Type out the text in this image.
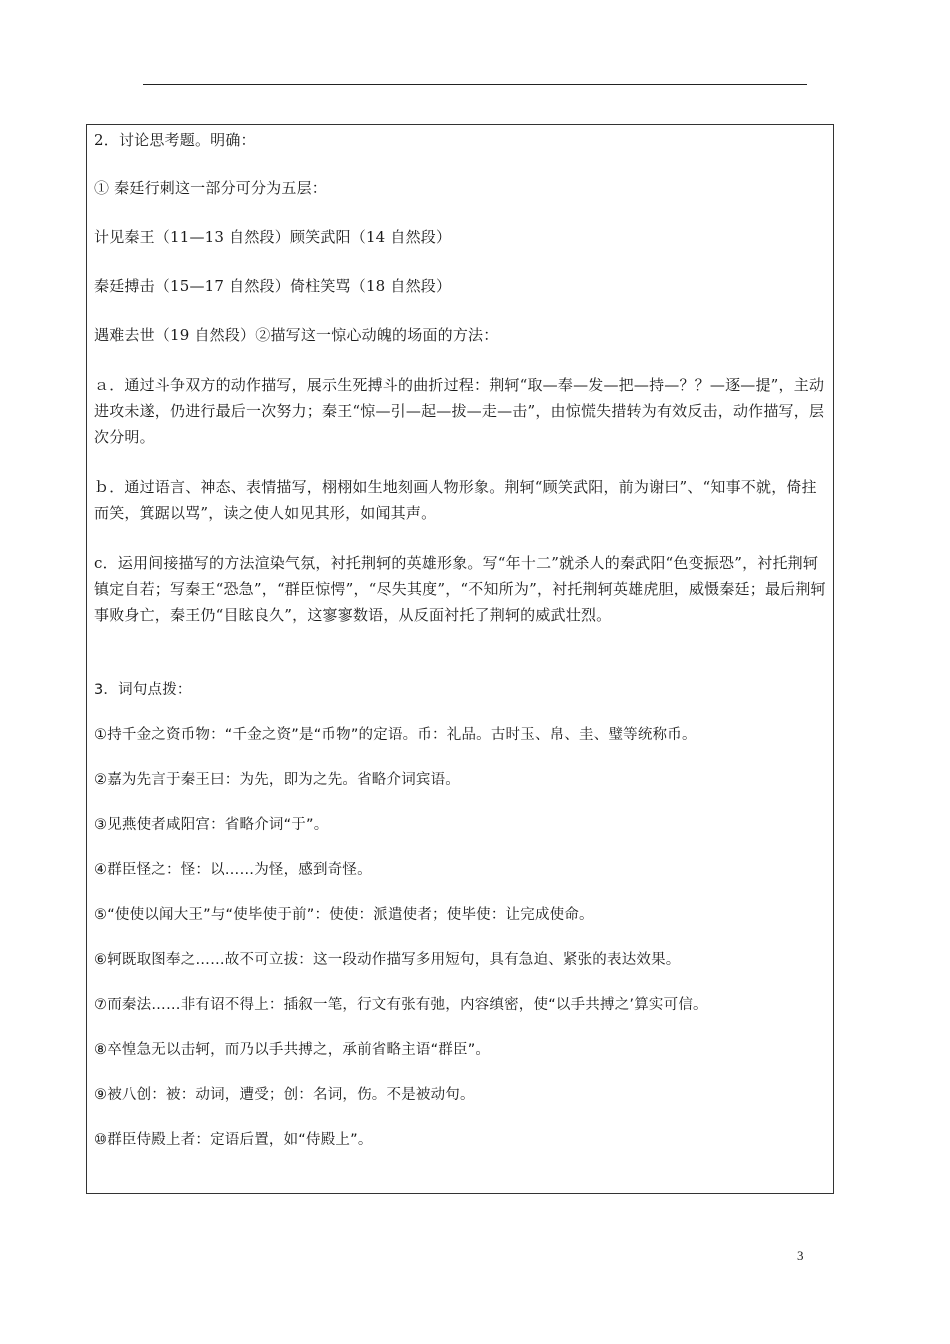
2．讨论思考题。明确：
① 秦廷行刺这一部分可分为五层：
计见秦王（11—13 自然段）顾笑武阳（14 自然段）
秦廷搏击（15—17 自然段）倚柱笑骂（18 自然段）
遇难去世（19 自然段）②描写这一惊心动魄的场面的方法：
ａ．通过斗争双方的动作描写，展示生死搏斗的曲折过程：荆轲“取—奉—发—把—持—？？—逐—提”，主动进攻未遂，仍进行最后一次努力；秦王“惊—引—起—拔—走—击”，由惊慌失措转为有效反击，动作描写，层次分明。
ｂ．通过语言、神态、表情描写，栩栩如生地刻画人物形象。荆轲“顾笑武阳，前为谢曰”、“知事不就，倚拄而笑，箕踞以骂”，读之使人如见其形，如闻其声。
c．运用间接描写的方法渲染气氛，衬托荆轲的英雄形象。写“年十二”就杀人的秦武阳“色变振恐”，衬托荆轲镇定自若；写秦王“恐急”，“群臣惊愕”，“尽失其度”，“不知所为”，衬托荆轲英雄虎胆，威慑秦廷；最后荆轲事败身亡，秦王仍“目眩良久”，这寥寥数语，从反面衬托了荆轲的威武壮烈。
3．词句点拨：
①持千金之资币物：“千金之资”是“币物”的定语。币：礼品。古时玉、帛、圭、璧等统称币。
②嘉为先言于秦王曰：为先，即为之先。省略介词宾语。
③见燕使者咸阳宫：省略介词“于”。
④群臣怪之：怪：以……为怪，感到奇怪。
⑤“使使以闻大王”与“使毕使于前”：使使：派遣使者；使毕使：让完成使命。
⑥轲既取图奉之……故不可立拔：这一段动作描写多用短句，具有急迫、紧张的表达效果。
⑦而秦法……非有诏不得上：插叙一笔，行文有张有弛，内容缜密，使“以手共搏之’算实可信。
⑧卒惶急无以击轲，而乃以手共搏之，承前省略主语“群臣”。
⑨被八创：被：动词，遭受；创：名词，伤。不是被动句。
⑩群臣侍殿上者：定语后置，如“侍殿上”。
3
